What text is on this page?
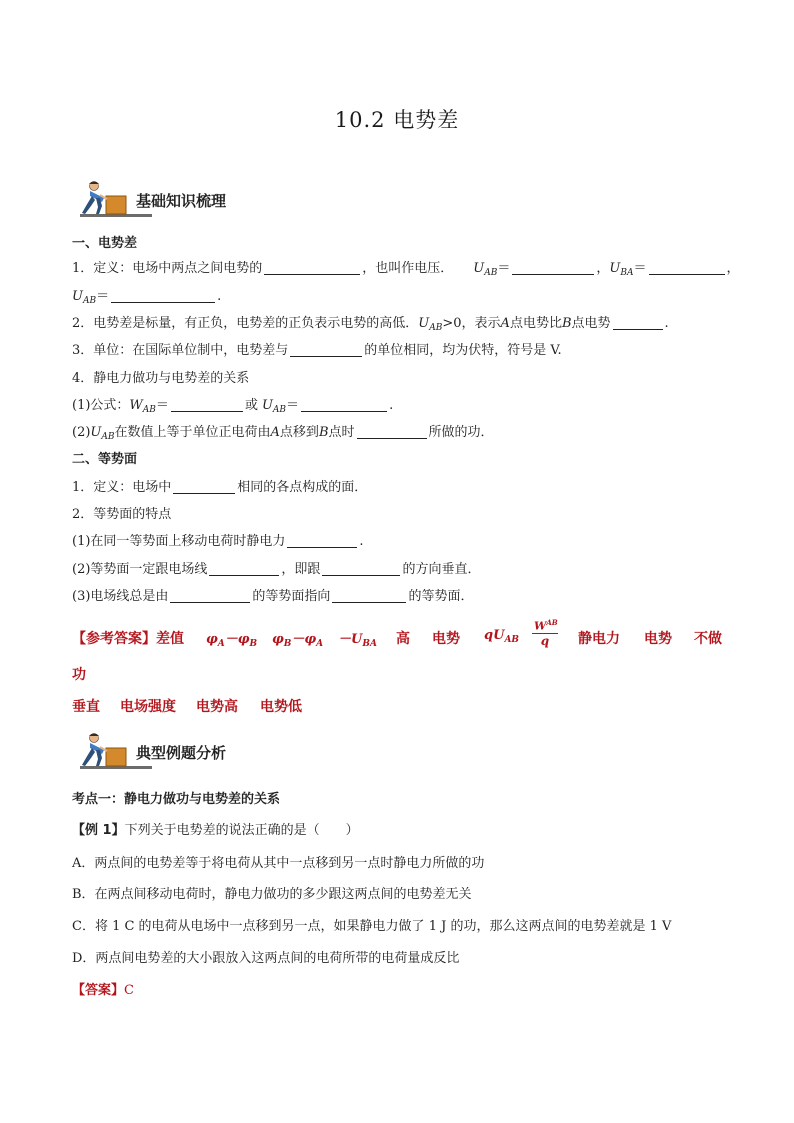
10.2 电势差
基础知识梳理
一、电势差
1．定义：电场中两点之间电势的	，也叫作电压． $U_{AB}=$	，$U_{BA}=$	，
$U_{AB}=$	.
2．电势差是标量，有正负，电势差的正负表示电势的高低．$U_{AB}>0$，表示A点电势比B点电势	.
3．单位：在国际单位制中，电势差与	的单位相同，均为伏特，符号是 V.
4．静电力做功与电势差的关系
(1)公式：$W_{AB}=$	或 $U_{AB}=$	.
$(2)U_{AB}$在数值上等于单位正电荷由A点移到B点时	所做的功．
二、等势面
1．定义：电场中	相同的各点构成的面．
2．等势面的特点
(1)在同一等势面上移动电荷时静电力	.
(2)等势面一定跟电场线	，即跟	的方向垂直．
(3)电场线总是由	的等势面指向	的等势面．
【参考答案】 差值 $\varphi_A-\varphi_B$ $\varphi_B-\varphi_A -U_{BA}$ 高 电势 $qU_{AB}$
$W^{AB}$
q	静电力 电势 不做
功
垂直 电场强度 电势高 电势低
典型例题分析
考点一：静电力做功与电势差的关系
【例 1】下列关于电势差的说法正确的是（　　）
A．两点间的电势差等于将电荷从其中一点移到另一点时静电力所做的功
B．在两点间移动电荷时，静电力做功的多少跟这两点间的电势差无关
C．将 1 C 的电荷从电场中一点移到另一点，如果静电力做了 1 J 的功，那么这两点间的电势差就是 1 V
D．两点间电势差的大小跟放入这两点间的电荷所带的电荷量成反比
【答案】C
